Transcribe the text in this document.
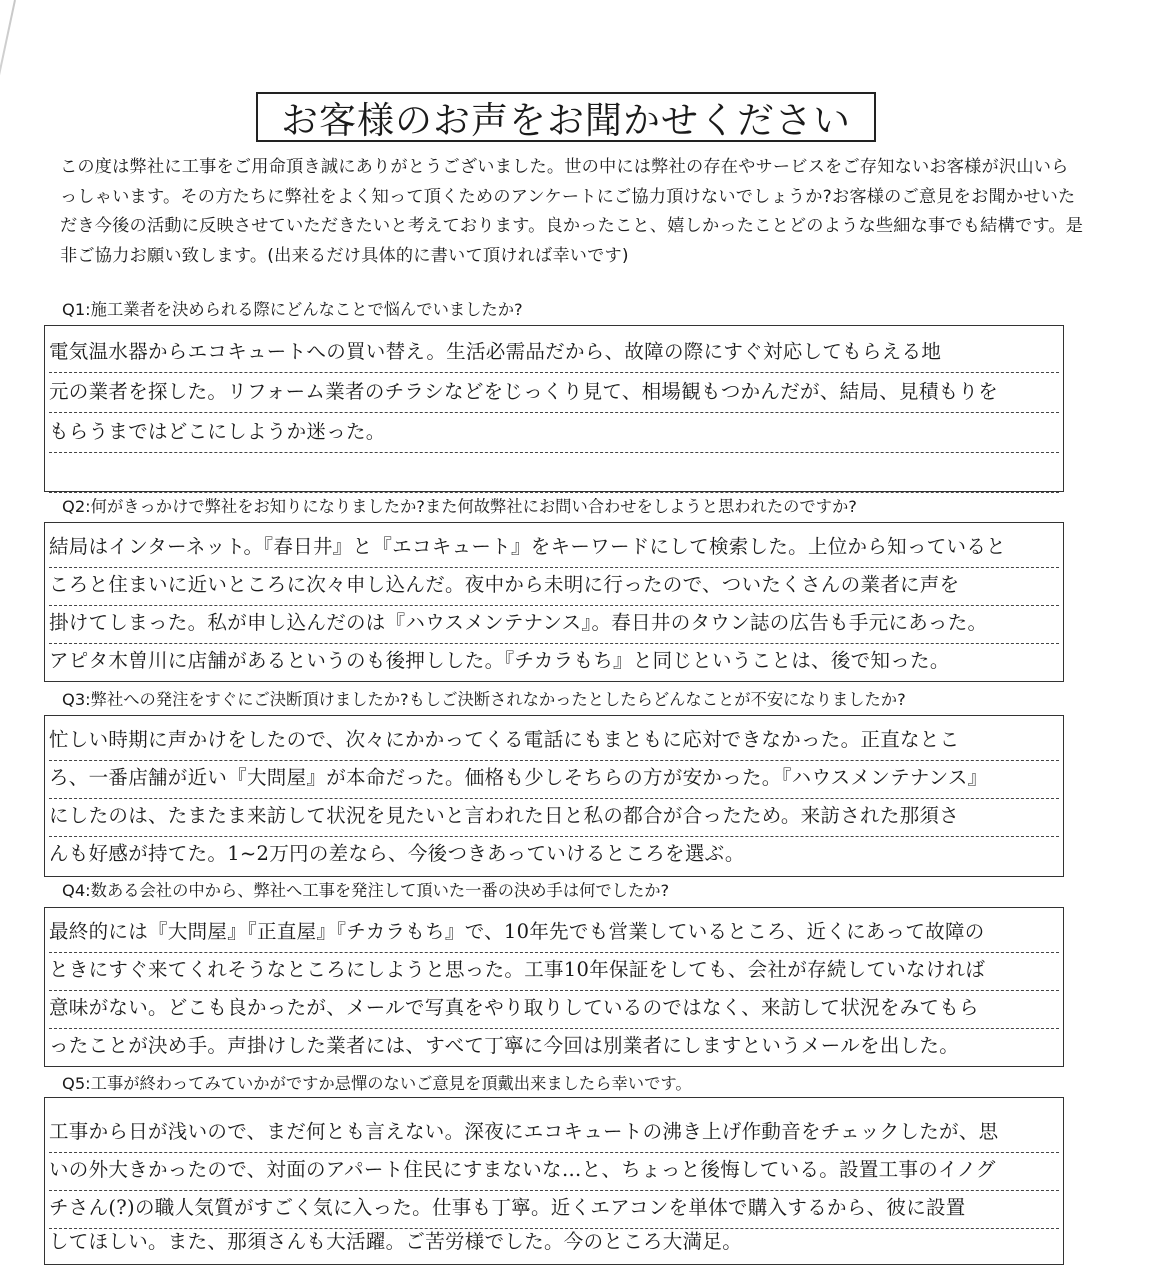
お客様のお声をお聞かせください
この度は弊社に工事をご用命頂き誠にありがとうございました。世の中には弊社の存在やサービスをご存知ないお客様が沢山いらっしゃいます。その方たちに弊社をよく知って頂くためのアンケートにご協力頂けないでしょうか?お客様のご意見をお聞かせいただき今後の活動に反映させていただきたいと考えております。良かったこと、嬉しかったことどのような些細な事でも結構です。是非ご協力お願い致します。(出来るだけ具体的に書いて頂ければ幸いです)
Q1:施工業者を決められる際にどんなことで悩んでいましたか?
電気温水器からエコキュートへの買い替え。生活必需品だから、故障の際にすぐ対応してもらえる地
元の業者を探した。リフォーム業者のチラシなどをじっくり見て、相場観もつかんだが、結局、見積もりを
もらうまではどこにしようか迷った。
Q2:何がきっかけで弊社をお知りになりましたか?また何故弊社にお問い合わせをしようと思われたのですか?
結局はインターネット。『春日井』と『エコキュート』をキーワードにして検索した。上位から知っていると
ころと住まいに近いところに次々申し込んだ。夜中から未明に行ったので、ついたくさんの業者に声を
掛けてしまった。私が申し込んだのは『ハウスメンテナンス』。春日井のタウン誌の広告も手元にあった。
アピタ木曽川に店舗があるというのも後押しした。『チカラもち』と同じということは、後で知った。
Q3:弊社への発注をすぐにご決断頂けましたか?もしご決断されなかったとしたらどんなことが不安になりましたか?
忙しい時期に声かけをしたので、次々にかかってくる電話にもまともに応対できなかった。正直なとこ
ろ、一番店舗が近い『大問屋』が本命だった。価格も少しそちらの方が安かった。『ハウスメンテナンス』
にしたのは、たまたま来訪して状況を見たいと言われた日と私の都合が合ったため。来訪された那須さ
んも好感が持てた。1~2万円の差なら、今後つきあっていけるところを選ぶ。
Q4:数ある会社の中から、弊社へ工事を発注して頂いた一番の決め手は何でしたか?
最終的には『大問屋』『正直屋』『チカラもち』で、10年先でも営業しているところ、近くにあって故障の
ときにすぐ来てくれそうなところにしようと思った。工事10年保証をしても、会社が存続していなければ
意味がない。どこも良かったが、メールで写真をやり取りしているのではなく、来訪して状況をみてもら
ったことが決め手。声掛けした業者には、すべて丁寧に今回は別業者にしますというメールを出した。
Q5:工事が終わってみていかがですか忌憚のないご意見を頂戴出来ましたら幸いです。
工事から日が浅いので、まだ何とも言えない。深夜にエコキュートの沸き上げ作動音をチェックしたが、思
いの外大きかったので、対面のアパート住民にすまないな…と、ちょっと後悔している。設置工事のイノグ
チさん(?)の職人気質がすごく気に入った。仕事も丁寧。近くエアコンを単体で購入するから、彼に設置
してほしい。また、那須さんも大活躍。ご苦労様でした。今のところ大満足。
